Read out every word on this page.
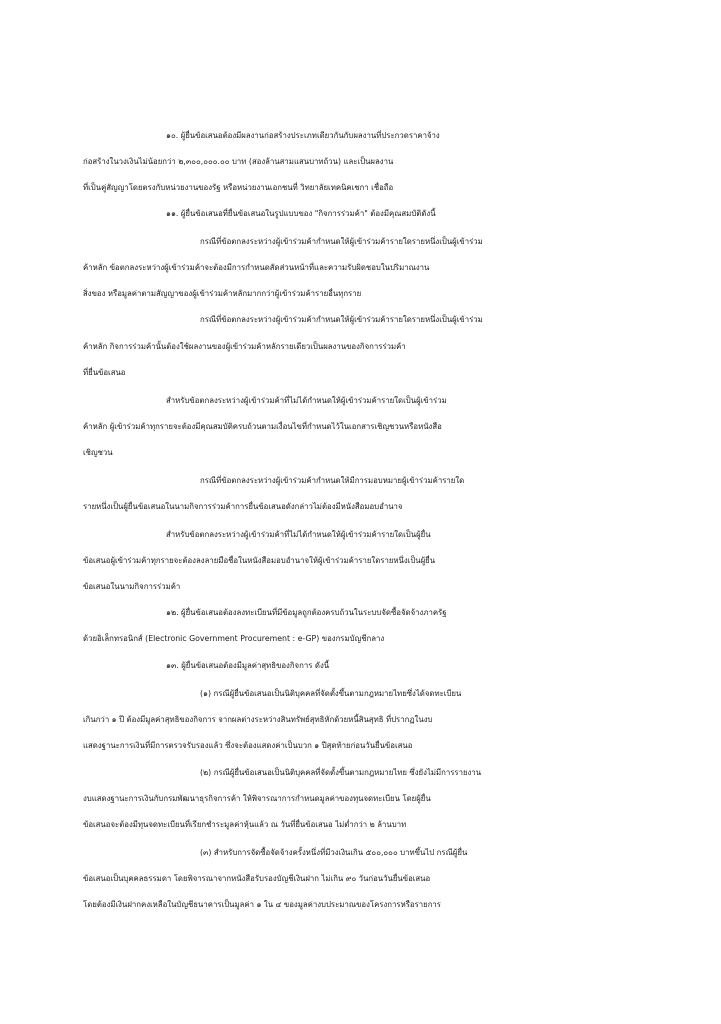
๑๐. ผู้ยื่นข้อเสนอต้องมีผลงานก่อสร้างประเภทเดียวกันกับผลงานที่ประกวดราคาจ้าง
ก่อสร้างในวงเงินไม่น้อยกว่า ๒,๓๐๐,๐๐๐.๐๐ บาท (สองล้านสามแสนบาทถ้วน) และเป็นผลงาน
ที่เป็นคู่สัญญาโดยตรงกับหน่วยงานของรัฐ หรือหน่วยงานเอกชนที่ วิทยาลัยเทคนิคเชกา เชื่อถือ
๑๑. ผู้ยื่นข้อเสนอที่ยื่นข้อเสนอในรูปแบบของ "กิจการร่วมค้า" ต้องมีคุณสมบัติดังนี้
กรณีที่ข้อตกลงระหว่างผู้เข้าร่วมค้ากำหนดให้ผู้เข้าร่วมค้ารายใดรายหนึ่งเป็นผู้เข้าร่วม
ค้าหลัก ข้อตกลงระหว่างผู้เข้าร่วมค้าจะต้องมีการกำหนดสัดส่วนหน้าที่และความรับผิดชอบในปริมาณงาน
สิ่งของ หรือมูลค่าตามสัญญาของผู้เข้าร่วมค้าหลักมากกว่าผู้เข้าร่วมค้ารายอื่นทุกราย
กรณีที่ข้อตกลงระหว่างผู้เข้าร่วมค้ากำหนดให้ผู้เข้าร่วมค้ารายใดรายหนึ่งเป็นผู้เข้าร่วม
ค้าหลัก กิจการร่วมค้านั้นต้องใช้ผลงานของผู้เข้าร่วมค้าหลักรายเดียวเป็นผลงานของกิจการร่วมค้า
ที่ยื่นข้อเสนอ
สำหรับข้อตกลงระหว่างผู้เข้าร่วมค้าที่ไม่ได้กำหนดให้ผู้เข้าร่วมค้ารายใดเป็นผู้เข้าร่วม
ค้าหลัก ผู้เข้าร่วมค้าทุกรายจะต้องมีคุณสมบัติครบถ้วนตามเงื่อนไขที่กำหนดไว้ในเอกสารเชิญชวนหรือหนังสือ
เชิญชวน
กรณีที่ข้อตกลงระหว่างผู้เข้าร่วมค้ากำหนดให้มีการมอบหมายผู้เข้าร่วมค้ารายใด
รายหนึ่งเป็นผู้ยื่นข้อเสนอในนามกิจการร่วมค้าการยื่นข้อเสนอดังกล่าวไม่ต้องมีหนังสือมอบอำนาจ
สำหรับข้อตกลงระหว่างผู้เข้าร่วมค้าที่ไม่ได้กำหนดให้ผู้เข้าร่วมค้ารายใดเป็นผู้ยื่น
ข้อเสนอผู้เข้าร่วมค้าทุกรายจะต้องลงลายมือชื่อในหนังสือมอบอำนาจให้ผู้เข้าร่วมค้ารายใดรายหนึ่งเป็นผู้ยื่น
ข้อเสนอในนามกิจการร่วมค้า
๑๒. ผู้ยื่นข้อเสนอต้องลงทะเบียนที่มีข้อมูลถูกต้องครบถ้วนในระบบจัดซื้อจัดจ้างภาครัฐ
ด้วยอิเล็กทรอนิกส์ (Electronic Government Procurement : e-GP) ของกรมบัญชีกลาง
๑๓. ผู้ยื่นข้อเสนอต้องมีมูลค่าสุทธิของกิจการ ดังนี้
(๑) กรณีผู้ยื่นข้อเสนอเป็นนิติบุคคลที่จัดตั้งขึ้นตามกฎหมายไทยซึ่งได้จดทะเบียน
เกินกว่า ๑ ปี ต้องมีมูลค่าสุทธิของกิจการ จากผลต่างระหว่างสินทรัพย์สุทธิหักด้วยหนี้สินสุทธิ ที่ปรากฏในงบ
แสดงฐานะการเงินที่มีการตรวจรับรองแล้ว ซึ่งจะต้องแสดงค่าเป็นบวก ๑ ปีสุดท้ายก่อนวันยื่นข้อเสนอ
(๒) กรณีผู้ยื่นข้อเสนอเป็นนิติบุคคลที่จัดตั้งขึ้นตามกฎหมายไทย ซึ่งยังไม่มีการรายงาน
งบแสดงฐานะการเงินกับกรมพัฒนาธุรกิจการค้า ให้พิจารณาการกำหนดมูลค่าของทุนจดทะเบียน โดยผู้ยื่น
ข้อเสนอจะต้องมีทุนจดทะเบียนที่เรียกชำระมูลค่าหุ้นแล้ว ณ วันที่ยื่นข้อเสนอ ไม่ต่ำกว่า ๒ ล้านบาท
(๓) สำหรับการจัดซื้อจัดจ้างครั้งหนึ่งที่มีวงเงินเกิน ๕๐๐,๐๐๐ บาทขึ้นไป กรณีผู้ยื่น
ข้อเสนอเป็นบุคคลธรรมดา โดยพิจารณาจากหนังสือรับรองบัญชีเงินฝาก ไม่เกิน ๙๐ วันก่อนวันยื่นข้อเสนอ
โดยต้องมีเงินฝากคงเหลือในบัญชีธนาคารเป็นมูลค่า ๑ ใน ๔ ของมูลค่างบประมาณของโครงการหรือรายการ
